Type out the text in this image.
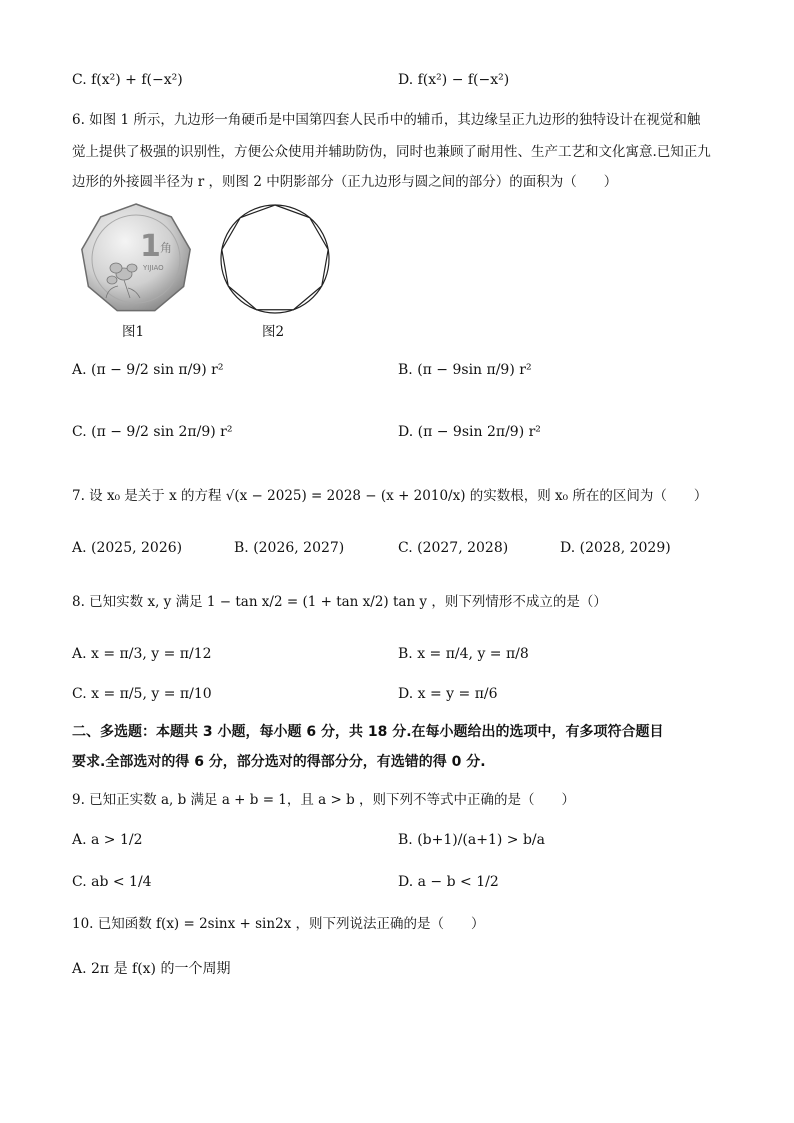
C. f(x²) + f(−x²)	D. f(x²) − f(−x²)
6. 如图 1 所示，九边形一角硬币是中国第四套人民币中的辅币，其边缘呈正九边形的独特设计在视觉和触
觉上提供了极强的识别性，方便公众使用并辅助防伪，同时也兼顾了耐用性、生产工艺和文化寓意.已知正九
边形的外接圆半径为 r ，则图 2 中阴影部分（正九边形与圆之间的部分）的面积为（　　）
1 角
YIJIAO
图1	图2
A. (π − 9/2 sin π/9) r²	B. (π − 9sin π/9) r²
C. (π − 9/2 sin 2π/9) r²	D. (π − 9sin 2π/9) r²
7. 设 x₀ 是关于 x 的方程 √(x − 2025) = 2028 − (x + 2010/x) 的实数根，则 x₀ 所在的区间为（　　）
A. (2025, 2026)	B. (2026, 2027)	C. (2027, 2028)	D. (2028, 2029)
8. 已知实数 x, y 满足 1 − tan x/2 = (1 + tan x/2) tan y ，则下列情形不成立的是（）
A. x = π/3, y = π/12	B. x = π/4, y = π/8
C. x = π/5, y = π/10	D. x = y = π/6
二、多选题：本题共 3 小题，每小题 6 分，共 18 分.在每小题给出的选项中，有多项符合题目
要求.全部选对的得 6 分，部分选对的得部分分，有选错的得 0 分.
9. 已知正实数 a, b 满足 a + b = 1，且 a > b ，则下列不等式中正确的是（　　）
A. a > 1/2	B. (b+1)/(a+1) > b/a
C. ab < 1/4	D. a − b < 1/2
10. 已知函数 f(x) = 2sinx + sin2x ，则下列说法正确的是（　　）
A. 2π 是 f(x) 的一个周期
